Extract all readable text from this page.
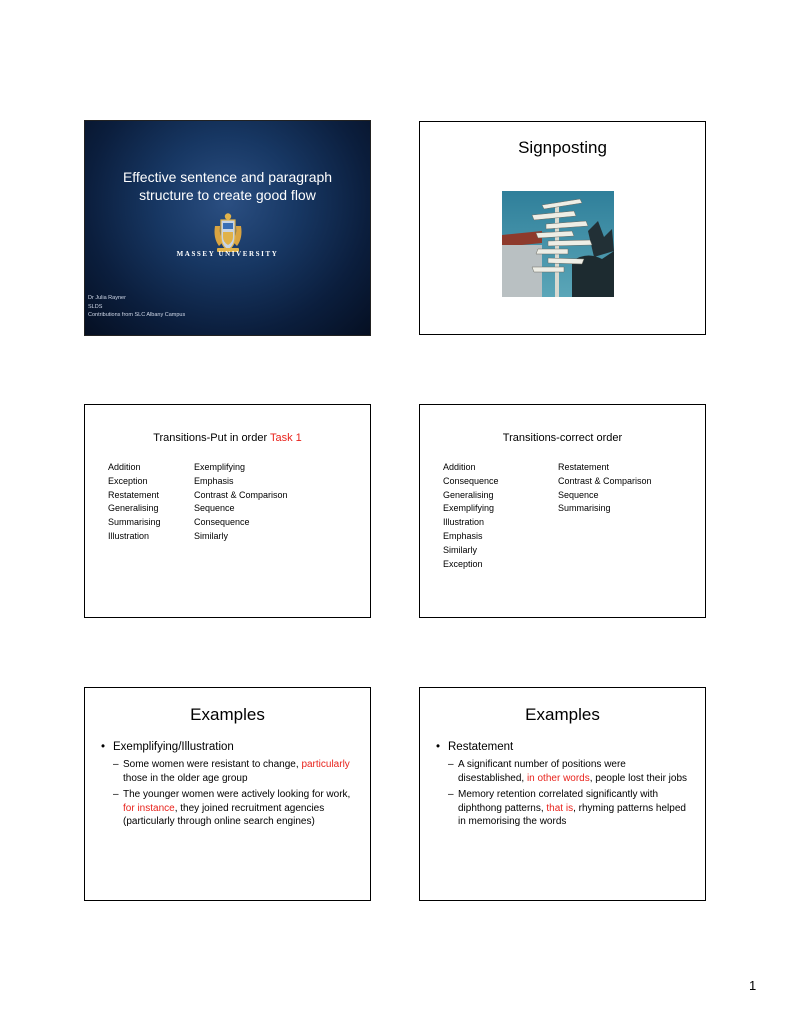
Effective sentence and paragraph structure to create good flow
MASSEY UNIVERSITY
Dr Julia Rayner
SLDS
Contributions from SLC Albany Campus
Signposting
Transitions-Put in order Task 1
Addition
Exception
Restatement
Generalising
Summarising
Illustration
Exemplifying
Emphasis
Contrast & Comparison
Sequence
Consequence
Similarly
Transitions-correct order
Addition
Consequence
Generalising
Exemplifying
Illustration
Emphasis
Similarly
Exception
Restatement
Contrast & Comparison
Sequence
Summarising
Examples
• Exemplifying/Illustration
– Some women were resistant to change, particularly those in the older age group
– The younger women were actively looking for work, for instance, they joined recruitment agencies (particularly through online search engines)
Examples
• Restatement
– A significant number of positions were disestablished, in other words, people lost their jobs
– Memory retention correlated significantly with diphthong patterns, that is, rhyming patterns helped in memorising the words
1
